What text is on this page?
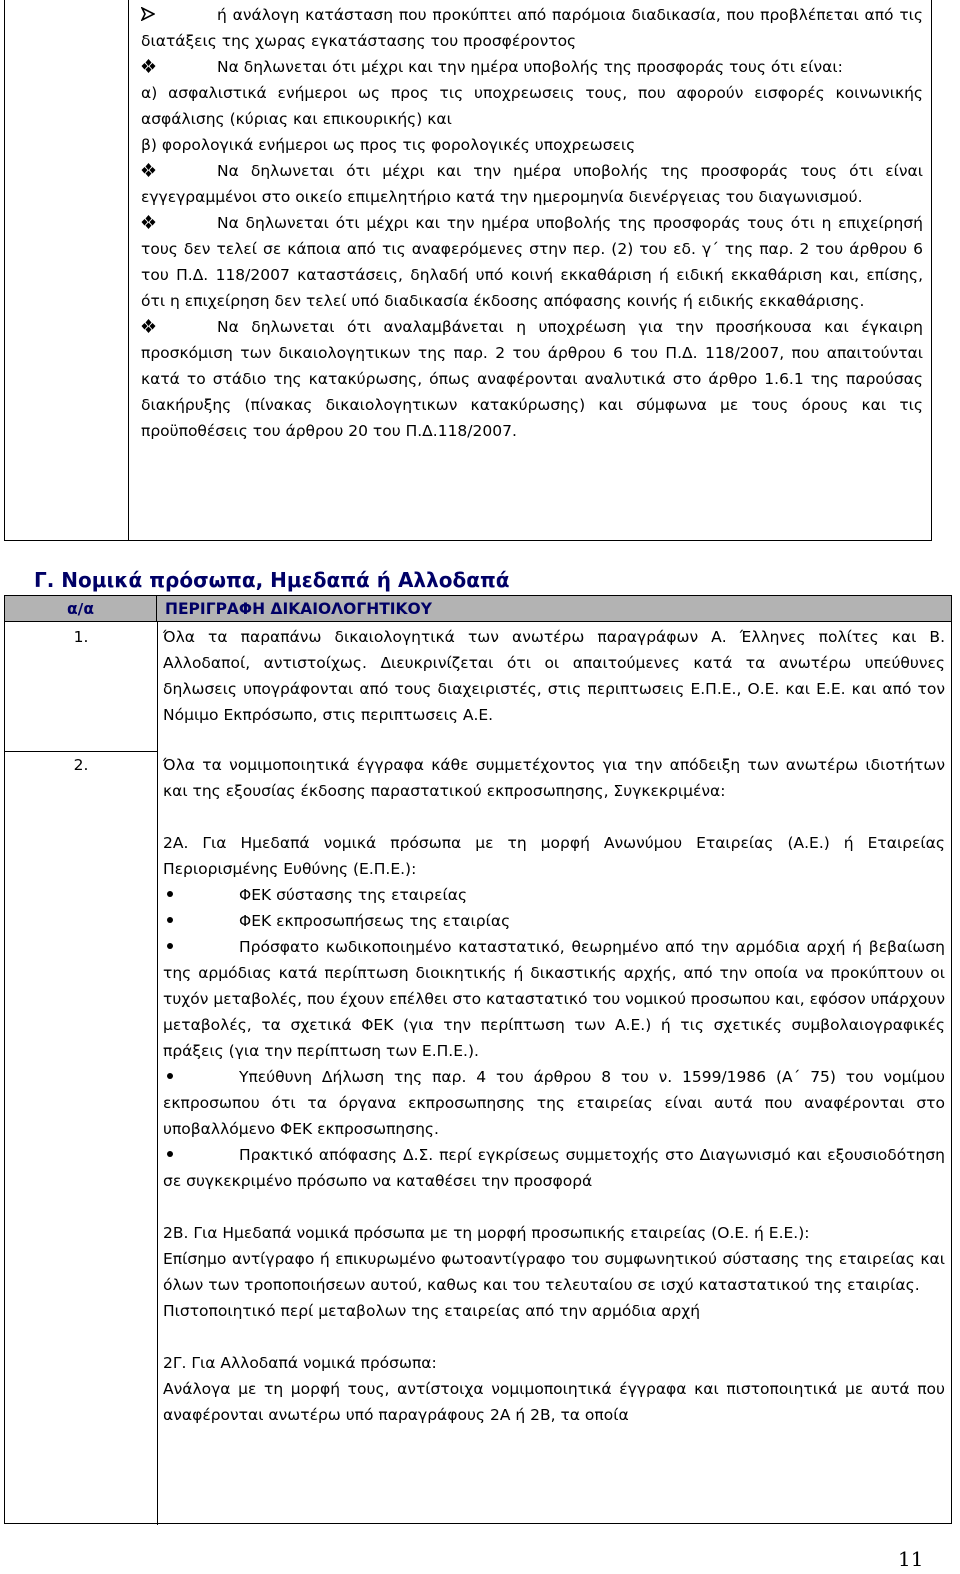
ή ανάλογη κατάσταση που προκύπτει από παρόμοια διαδικασία, που προβλέπεται από τις διατάξεις της χωρας εγκατάστασης του προσφέροντος

Να δηλωνεται ότι μέχρι και την ημέρα υποβολής της προσφοράς τους ότι είναι:

α) ασφαλιστικά ενήμεροι ως προς τις υποχρεωσεις τους, που αφορούν εισφορές κοινωνικής ασφάλισης (κύριας και επικουρικής) και

β) φορολογικά ενήμεροι ως προς τις φορολογικές υποχρεωσεις

Να δηλωνεται ότι μέχρι και την ημέρα υποβολής της προσφοράς τους ότι είναι εγγεγραμμένοι στο οικείο επιμελητήριο κατά την ημερομηνία διενέργειας του διαγωνισμού.

Να δηλωνεται ότι μέχρι και την ημέρα υποβολής της προσφοράς τους ότι η επιχείρησή τους δεν τελεί σε κάποια από τις αναφερόμενες στην περ. (2) του εδ. γ΄ της παρ. 2 του άρθρου 6 του Π.Δ. 118/2007 καταστάσεις, δηλαδή υπό κοινή εκκαθάριση ή ειδική εκκαθάριση και, επίσης, ότι η επιχείρηση δεν τελεί υπό διαδικασία έκδοσης απόφασης κοινής ή ειδικής εκκαθάρισης.

Να δηλωνεται ότι αναλαμβάνεται η υποχρέωση για την προσήκουσα και έγκαιρη προσκόμιση των δικαιολογητικων της παρ. 2 του άρθρου 6 του Π.Δ. 118/2007, που απαιτούνται κατά το στάδιο της κατακύρωσης, όπως αναφέρονται αναλυτικά στο άρθρο 1.6.1 της παρούσας διακήρυξης (πίνακας δικαιολογητικων κατακύρωσης) και σύμφωνα με τους όρους και τις προϋποθέσεις του άρθρου 20 του Π.Δ.118/2007.

Γ. Νομικά πρόσωπα, Ημεδαπά ή Αλλοδαπά
α/α	ΠΕΡΙΓΡΑΦΗ ΔΙΚΑΙΟΛΟΓΗΤΙΚΟΥ
1.	Όλα τα παραπάνω δικαιολογητικά των ανωτέρω παραγράφων Α. Έλληνες πολίτες και Β. Αλλοδαποί, αντιστοίχως. Διευκρινίζεται ότι οι απαιτούμενες κατά τα ανωτέρω υπεύθυνες δηλωσεις υπογράφονται από τους διαχειριστές, στις περιπτωσεις Ε.Π.Ε., Ο.Ε. και Ε.Ε. και από τον Νόμιμο Εκπρόσωπο, στις περιπτωσεις Α.Ε.

2.	Όλα τα νομιμοποιητικά έγγραφα κάθε συμμετέχοντος για την απόδειξη των ανωτέρω ιδιοτήτων και της εξουσίας έκδοσης παραστατικού εκπροσωπησης, Συγκεκριμένα:

2Α. Για Ημεδαπά νομικά πρόσωπα με τη μορφή Ανωνύμου Εταιρείας (Α.Ε.) ή Εταιρείας Περιορισμένης Ευθύνης (Ε.Π.Ε.):

ΦΕΚ σύστασης της εταιρείας

ΦΕΚ εκπροσωπήσεως της εταιρίας

Πρόσφατο κωδικοποιημένο καταστατικό, θεωρημένο από την αρμόδια αρχή ή βεβαίωση της αρμόδιας κατά περίπτωση διοικητικής ή δικαστικής αρχής, από την οποία να προκύπτουν οι τυχόν μεταβολές, που έχουν επέλθει στο καταστατικό του νομικού προσωπου και, εφόσον υπάρχουν μεταβολές, τα σχετικά ΦΕΚ (για την περίπτωση των Α.Ε.) ή τις σχετικές συμβολαιογραφικές πράξεις (για την περίπτωση των Ε.Π.Ε.).

Υπεύθυνη Δήλωση της παρ. 4 του άρθρου 8 του ν. 1599/1986 (Α΄ 75) του νομίμου εκπροσωπου ότι τα όργανα εκπροσωπησης της εταιρείας είναι αυτά που αναφέρονται στο υποβαλλόμενο ΦΕΚ εκπροσωπησης.

Πρακτικό απόφασης Δ.Σ. περί εγκρίσεως συμμετοχής στο Διαγωνισμό και εξουσιοδότηση σε συγκεκριμένο πρόσωπο να καταθέσει την προσφορά

2Β. Για Ημεδαπά νομικά πρόσωπα με τη μορφή προσωπικής εταιρείας (Ο.Ε. ή Ε.Ε.):

Επίσημο αντίγραφο ή επικυρωμένο φωτοαντίγραφο του συμφωνητικού σύστασης της εταιρείας και όλων των τροποποιήσεων αυτού, καθως και του τελευταίου σε ισχύ καταστατικού της εταιρίας.

Πιστοποιητικό περί μεταβολων της εταιρείας από την αρμόδια αρχή

2Γ. Για Αλλοδαπά νομικά πρόσωπα:

Ανάλογα με τη μορφή τους, αντίστοιχα νομιμοποιητικά έγγραφα και πιστοποιητικά με αυτά που αναφέρονται ανωτέρω υπό παραγράφους 2Α ή 2Β, τα οποία

11
